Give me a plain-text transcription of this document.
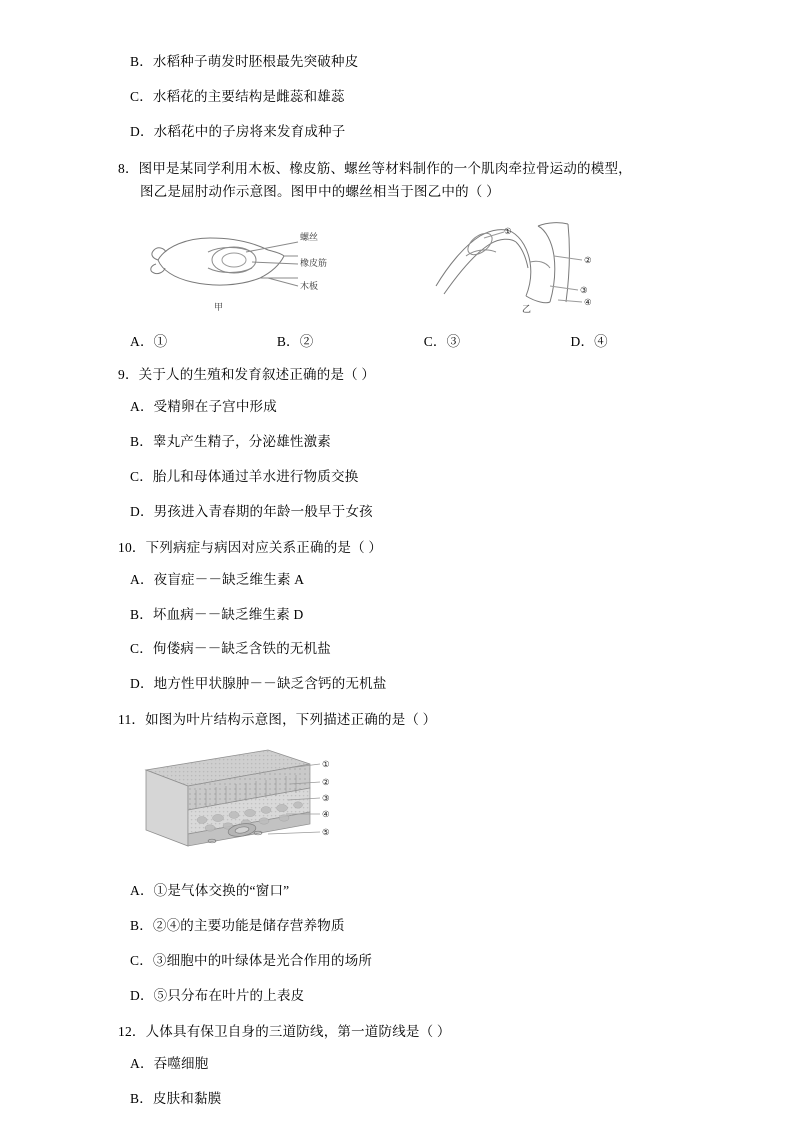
B．水稻种子萌发时胚根最先突破种皮
C．水稻花的主要结构是雌蕊和雄蕊
D．水稻花中的子房将来发育成种子
8．图甲是某同学利用木板、橡皮筋、螺丝等材料制作的一个肌肉牵拉骨运动的模型，
图乙是屈肘动作示意图。图甲中的螺丝相当于图乙中的（ ）
螺丝
橡皮筋
木板
甲
①
②
③
④
乙
A．①	B．②	C．③	D．④
9．关于人的生殖和发育叙述正确的是（ ）
A．受精卵在子宫中形成
B．睾丸产生精子，分泌雄性激素
C．胎儿和母体通过羊水进行物质交换
D．男孩进入青春期的年龄一般早于女孩
10．下列病症与病因对应关系正确的是（ ）
A．夜盲症－－缺乏维生素 A
B．坏血病－－缺乏维生素 D
C．佝偻病－－缺乏含铁的无机盐
D．地方性甲状腺肿－－缺乏含钙的无机盐
11．如图为叶片结构示意图，下列描述正确的是（ ）
①
②
③
④
⑤
A．①是气体交换的“窗口”
B．②④的主要功能是储存营养物质
C．③细胞中的叶绿体是光合作用的场所
D．⑤只分布在叶片的上表皮
12．人体具有保卫自身的三道防线，第一道防线是（ ）
A．吞噬细胞
B．皮肤和黏膜
